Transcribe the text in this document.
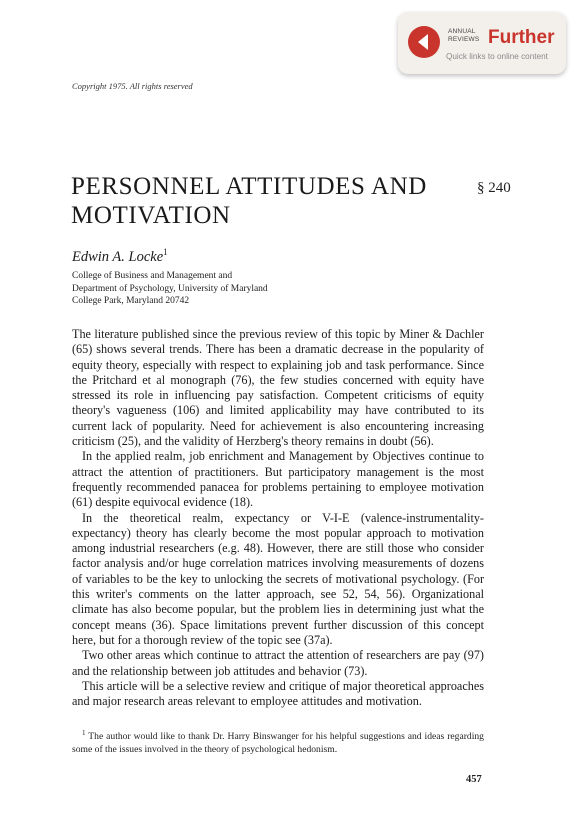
ANNUAL
REVIEWS Further
Quick links to online content
Copyright 1975. All rights reserved
PERSONNEL ATTITUDES AND MOTIVATION
§ 240
Edwin A. Locke$^1$
College of Business and Management and
Department of Psychology, University of Maryland
College Park, Maryland 20742

The literature published since the previous review of this topic by Miner & Dachler (65) shows several trends. There has been a dramatic decrease in the popularity of equity theory, especially with respect to explaining job and task performance. Since the Pritchard et al monograph (76), the few studies concerned with equity have stressed its role in influencing pay satisfaction. Competent criticisms of equity theory's vagueness (106) and limited applicability may have contributed to its current lack of popularity. Need for achievement is also encountering increasing criticism (25), and the validity of Herzberg's theory remains in doubt (56).

In the applied realm, job enrichment and Management by Objectives continue to attract the attention of practitioners. But participatory management is the most frequently recommended panacea for problems pertaining to employee motivation (61) despite equivocal evidence (18).

In the theoretical realm, expectancy or V-I-E (valence-instrumentality-expectancy) theory has clearly become the most popular approach to motivation among industrial researchers (e.g. 48). However, there are still those who consider factor analysis and/or huge correlation matrices involving measurements of dozens of variables to be the key to unlocking the secrets of motivational psychology. (For this writer's comments on the latter approach, see 52, 54, 56). Organizational climate has also become popular, but the problem lies in determining just what the concept means (36). Space limitations prevent further discussion of this concept here, but for a thorough review of the topic see (37a).

Two other areas which continue to attract the attention of researchers are pay (97) and the relationship between job attitudes and behavior (73).

This article will be a selective review and critique of major theoretical approaches and major research areas relevant to employee attitudes and motivation.

$^1$ The author would like to thank Dr. Harry Binswanger for his helpful suggestions and ideas regarding some of the issues involved in the theory of psychological hedonism.
457
